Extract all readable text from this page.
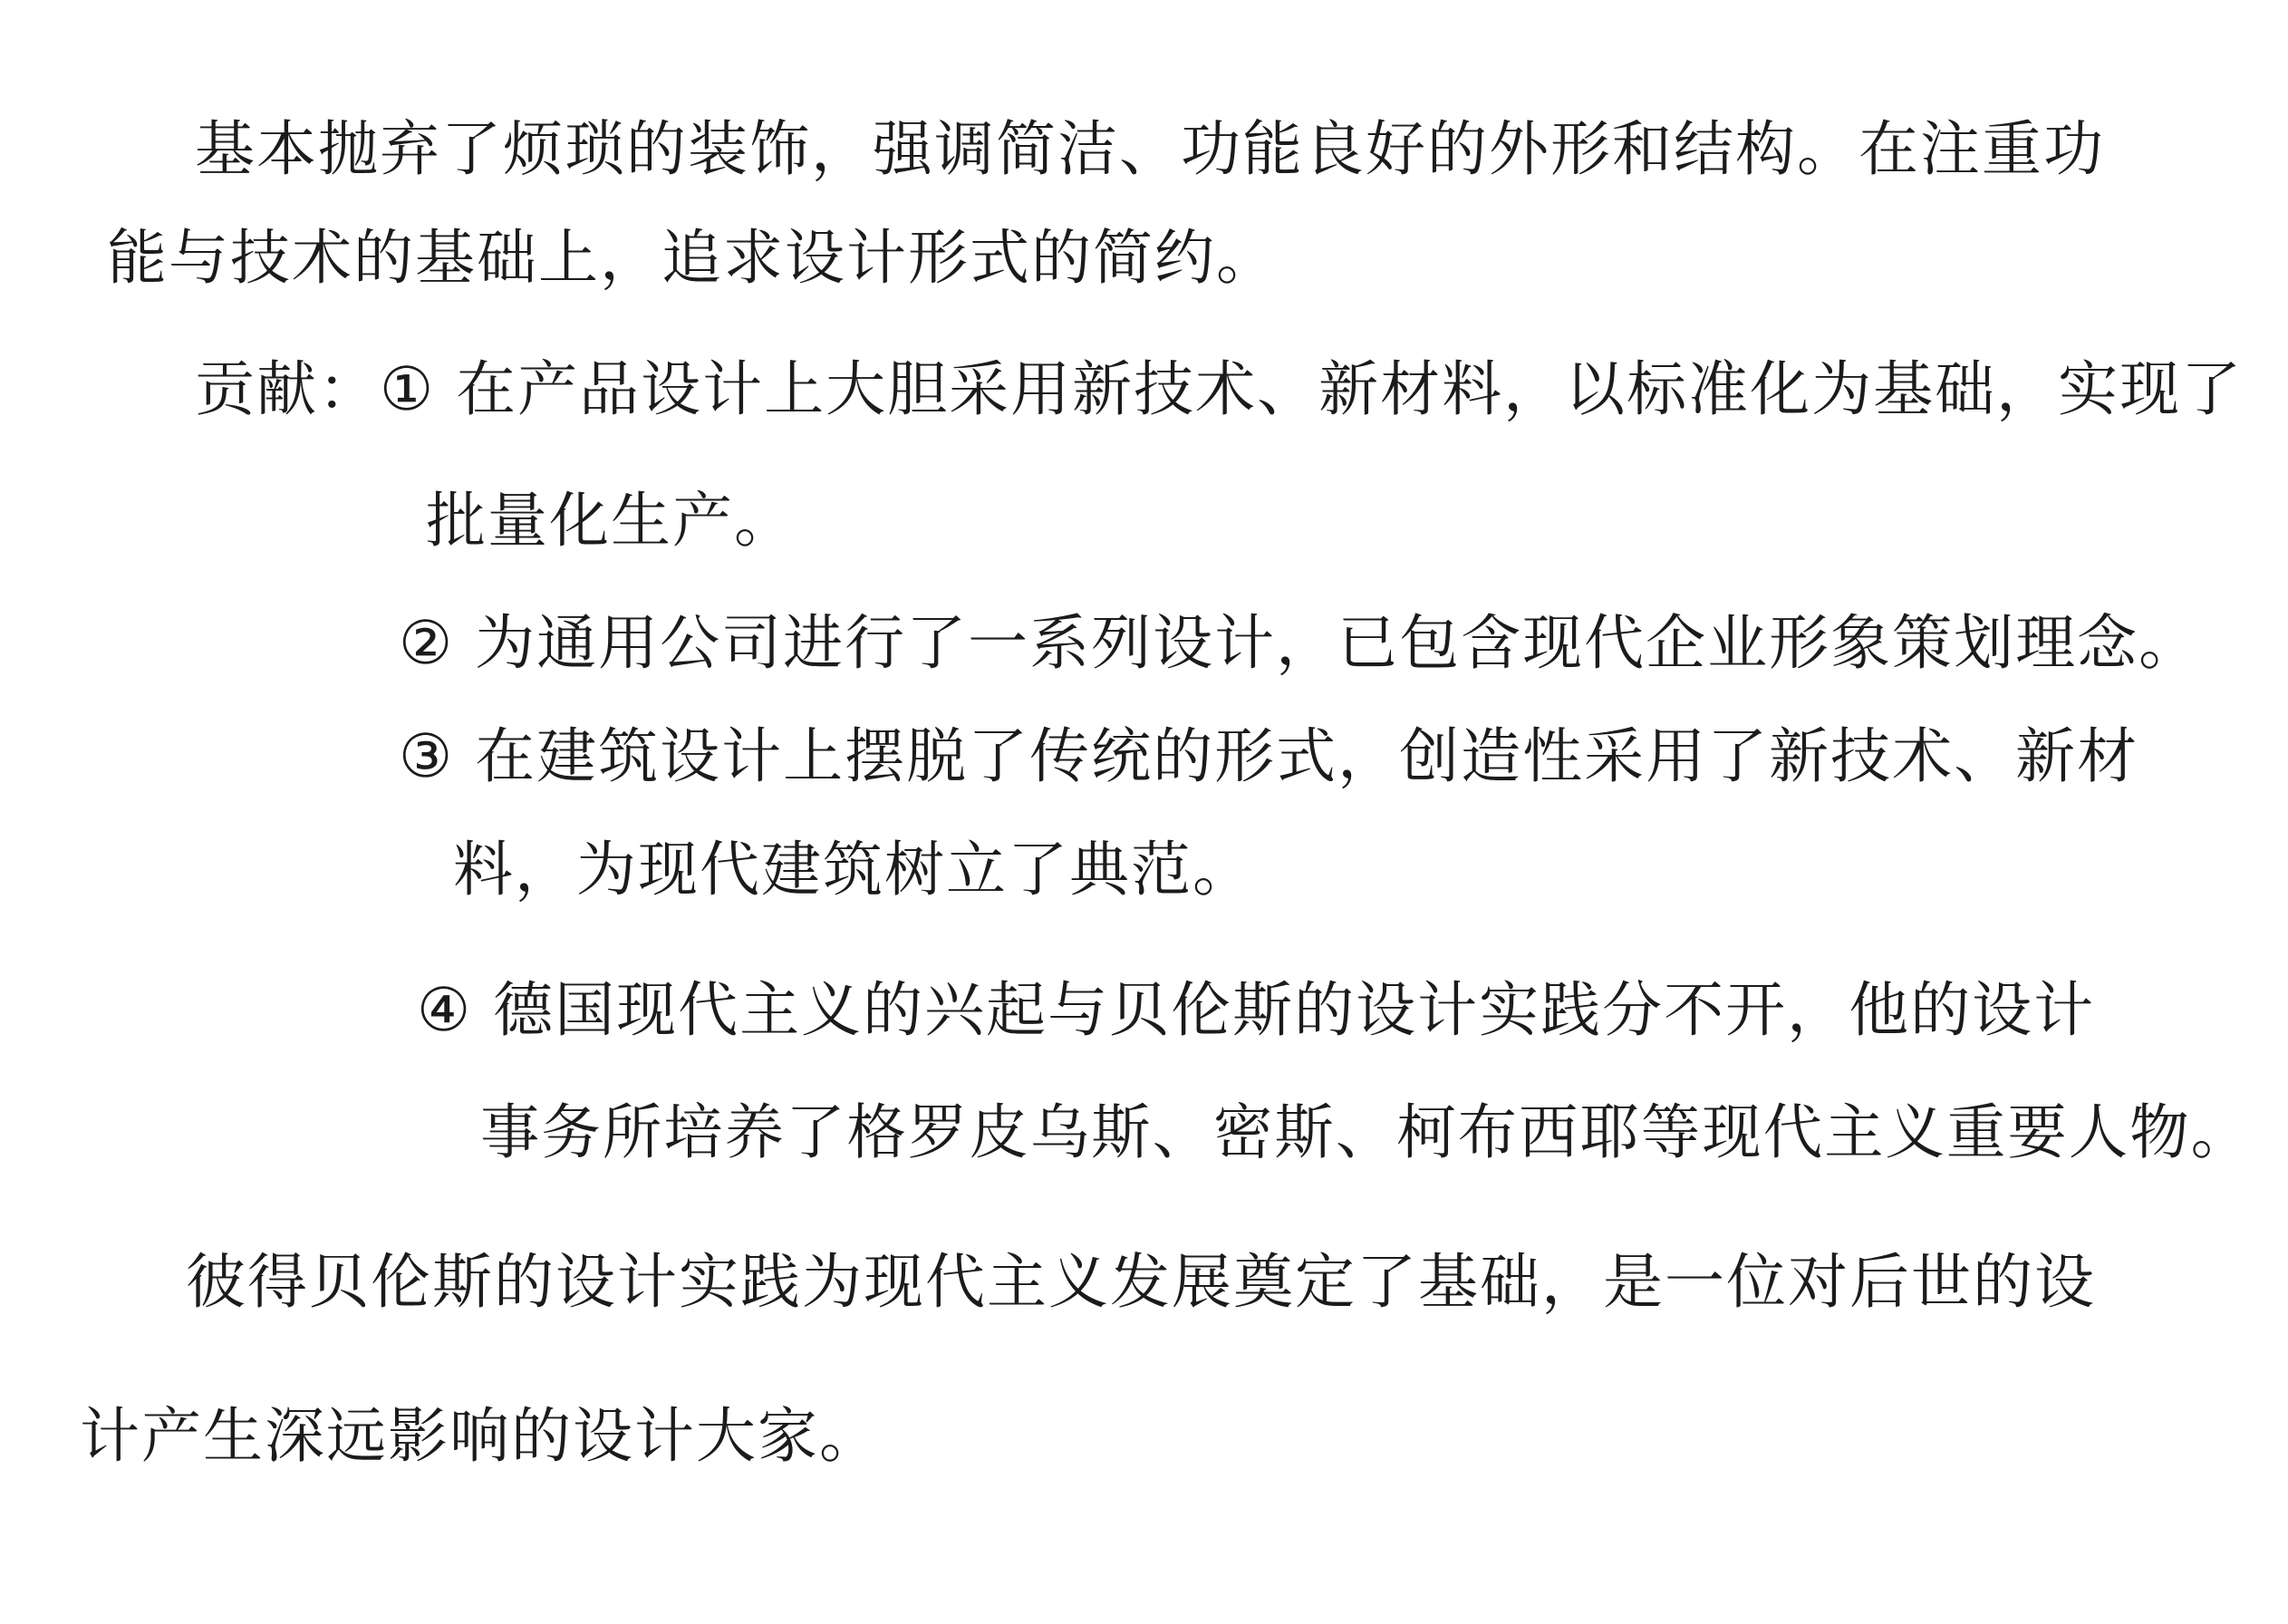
基本抛弃了烦琐的装饰，强调简洁、功能良好的外形和结构。在注重功

能与技术的基础上，追求设计形式的简约。

贡献：① 在产品设计上大胆采用新技术、新材料，以标准化为基础，实现了

批量化生产。

② 为通用公司进行了一系列设计，已包含现代企业形象策划理念。

③ 在建筑设计上摆脱了传统的形式，创造性采用了新技术、新材

料，为现代建筑树立了典范。

④ 德国现代主义的兴起与贝伦斯的设计实践分不开，他的设计

事务所培养了格罗皮乌斯、密斯、柯布西耶等现代主义重要人物。

彼得贝伦斯的设计实践为现代主义发展奠定了基础，是一位对后世的设

计产生深远影响的设计大家。
